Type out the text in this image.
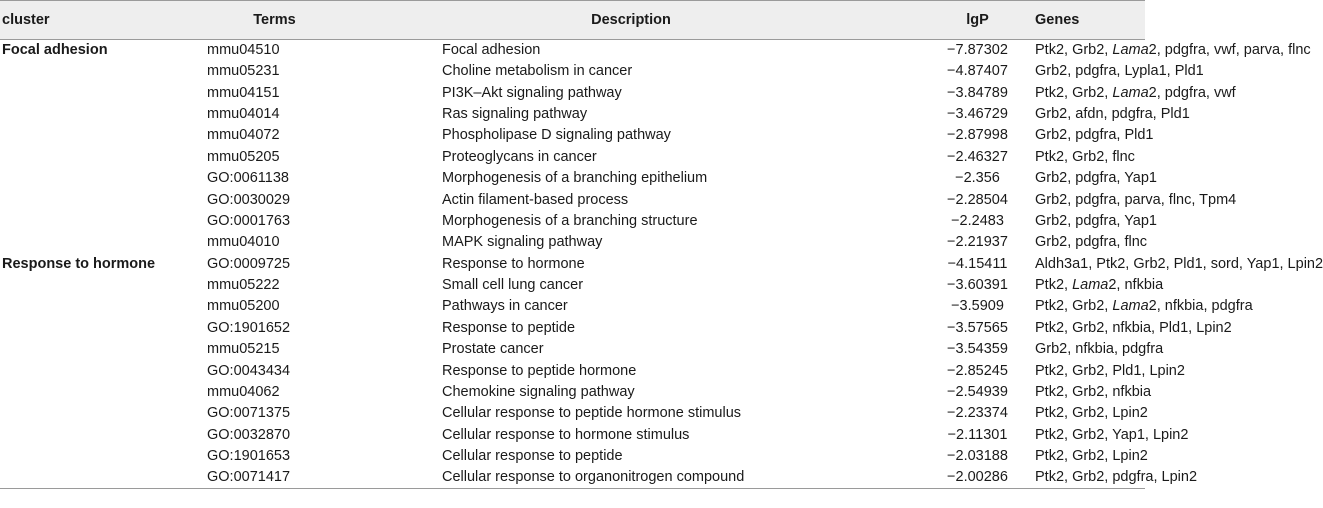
cluster	Terms	Description	lgP	Genes
Focal adhesion	mmu04510	Focal adhesion	−7.87302	Ptk2, Grb2, Lama2, pdgfra, vwf, parva, flnc
	mmu05231	Choline metabolism in cancer	−4.87407	Grb2, pdgfra, Lypla1, Pld1
	mmu04151	PI3K–Akt signaling pathway	−3.84789	Ptk2, Grb2, Lama2, pdgfra, vwf
	mmu04014	Ras signaling pathway	−3.46729	Grb2, afdn, pdgfra, Pld1
	mmu04072	Phospholipase D signaling pathway	−2.87998	Grb2, pdgfra, Pld1
	mmu05205	Proteoglycans in cancer	−2.46327	Ptk2, Grb2, flnc
	GO:0061138	Morphogenesis of a branching epithelium	−2.356	Grb2, pdgfra, Yap1
	GO:0030029	Actin filament-based process	−2.28504	Grb2, pdgfra, parva, flnc, Tpm4
	GO:0001763	Morphogenesis of a branching structure	−2.2483	Grb2, pdgfra, Yap1
	mmu04010	MAPK signaling pathway	−2.21937	Grb2, pdgfra, flnc
Response to hormone	GO:0009725	Response to hormone	−4.15411	Aldh3a1, Ptk2, Grb2, Pld1, sord, Yap1, Lpin2
	mmu05222	Small cell lung cancer	−3.60391	Ptk2, Lama2, nfkbia
	mmu05200	Pathways in cancer	−3.5909	Ptk2, Grb2, Lama2, nfkbia, pdgfra
	GO:1901652	Response to peptide	−3.57565	Ptk2, Grb2, nfkbia, Pld1, Lpin2
	mmu05215	Prostate cancer	−3.54359	Grb2, nfkbia, pdgfra
	GO:0043434	Response to peptide hormone	−2.85245	Ptk2, Grb2, Pld1, Lpin2
	mmu04062	Chemokine signaling pathway	−2.54939	Ptk2, Grb2, nfkbia
	GO:0071375	Cellular response to peptide hormone stimulus	−2.23374	Ptk2, Grb2, Lpin2
	GO:0032870	Cellular response to hormone stimulus	−2.11301	Ptk2, Grb2, Yap1, Lpin2
	GO:1901653	Cellular response to peptide	−2.03188	Ptk2, Grb2, Lpin2
	GO:0071417	Cellular response to organonitrogen compound	−2.00286	Ptk2, Grb2, pdgfra, Lpin2
